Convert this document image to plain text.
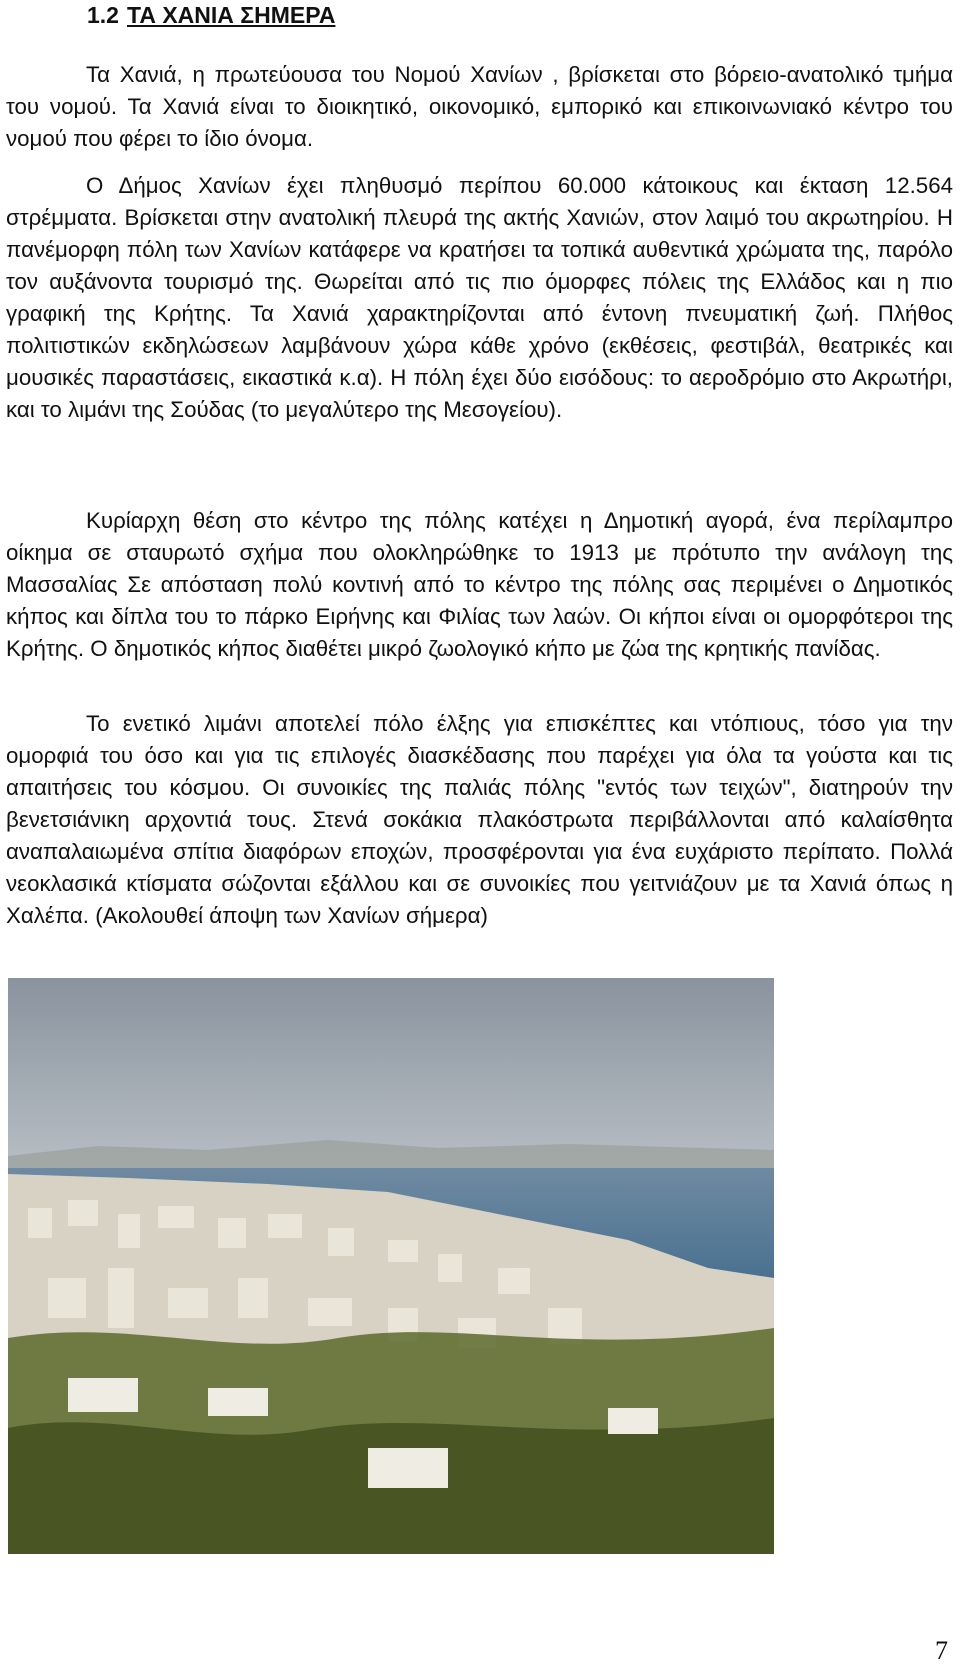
1.2 ΤΑ ΧΑΝΙΑ ΣΗΜΕΡΑ

Τα Χανιά, η πρωτεύουσα του Νομού Χανίων , βρίσκεται στο βόρειο-ανατολικό τμήμα του νομού. Τα Χανιά είναι το διοικητικό, οικονομικό, εμπορικό και επικοινωνιακό κέντρο του νομού που φέρει το ίδιο όνομα.

Ο Δήμος Χανίων έχει πληθυσμό περίπου 60.000 κάτοικους και έκταση 12.564 στρέμματα. Βρίσκεται στην ανατολική πλευρά της ακτής Χανιών, στον λαιμό του ακρωτηρίου. Η πανέμορφη πόλη των Χανίων κατάφερε να κρατήσει τα τοπικά αυθεντικά χρώματα της, παρόλο τον αυξάνοντα τουρισμό της. Θωρείται από τις πιο όμορφες πόλεις της Ελλάδος και η πιο γραφική της Κρήτης. Τα Χανιά χαρακτηρίζονται από έντονη πνευματική ζωή. Πλήθος πολιτιστικών εκδηλώσεων λαμβάνουν χώρα κάθε χρόνο (εκθέσεις, φεστιβάλ, θεατρικές και μουσικές παραστάσεις, εικαστικά κ.α). Η πόλη έχει δύο εισόδους: το αεροδρόμιο στο Ακρωτήρι, και το λιμάνι της Σούδας (το μεγαλύτερο της Μεσογείου).

Κυρίαρχη θέση στο κέντρο της πόλης κατέχει η Δημοτική αγορά, ένα περίλαμπρο οίκημα σε σταυρωτό σχήμα που ολοκληρώθηκε το 1913 με πρότυπο την ανάλογη της Μασσαλίας Σε απόσταση πολύ κοντινή από το κέντρο της πόλης σας περιμένει ο Δημοτικός κήπος και δίπλα του το πάρκο Ειρήνης και Φιλίας των λαών. Οι κήποι είναι οι ομορφότεροι της Κρήτης. Ο δημοτικός κήπος διαθέτει μικρό ζωολογικό κήπο με ζώα της κρητικής πανίδας.

Το ενετικό λιμάνι αποτελεί πόλο έλξης για επισκέπτες και ντόπιους, τόσο για την ομορφιά του όσο και για τις επιλογές διασκέδασης που παρέχει για όλα τα γούστα και τις απαιτήσεις του κόσμου. Οι συνοικίες της παλιάς πόλης "εντός των τειχών", διατηρούν την βενετσιάνικη αρχοντιά τους. Στενά σοκάκια πλακόστρωτα περιβάλλονται από καλαίσθητα αναπαλαιωμένα σπίτια διαφόρων εποχών, προσφέρονται για ένα ευχάριστο περίπατο. Πολλά νεοκλασικά κτίσματα σώζονται εξάλλου και σε συνοικίες που γειτνιάζουν με τα Χανιά όπως η Χαλέπα. (Ακολουθεί άποψη των Χανίων σήμερα)

7
